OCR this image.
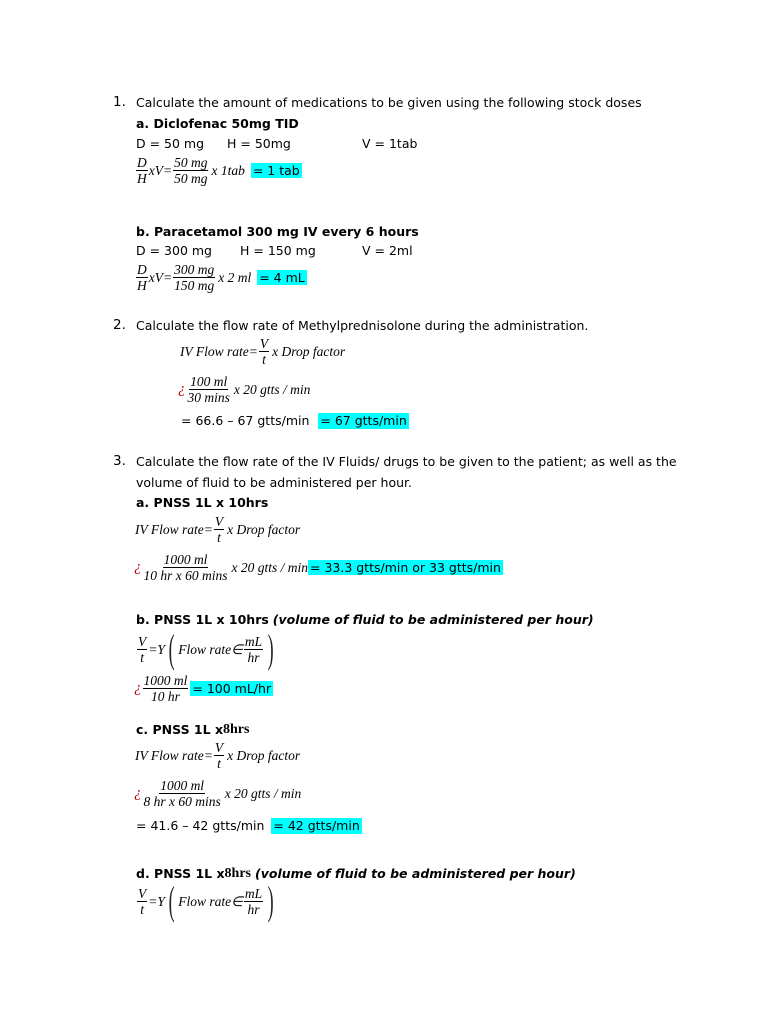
1. Calculate the amount of medications to be given using the following stock doses
a. Diclofenac 50mg TID
D = 50 mg H = 50mg	V = 1tab
$\frac{D}{H} xV= \frac{50 mg}{50 mg}$ x 1tab = 1 tab
b. Paracetamol 300 mg IV every 6 hours
D = 300 mg H = 150 mg	V = 2ml
$\frac{D}{H} xV= \frac{300 mg}{150 mg}$ x 2 ml = 4 mL
2. Calculate the flow rate of Methylprednisolone during the administration.
IV Flow rate= $\frac{V}{t}$ x Drop factor
¿ $\frac{100 ml}{30 \min s}$ x 20 gtts / min
= 66.6 – 67 gtts/min = 67 gtts/min
3. Calculate the flow rate of the IV Fluids/ drugs to be given to the patient; as well as the
volume of fluid to be administered per hour.
a. PNSS 1L x 10hrs
IV Flow rate= $\frac{V}{t}$ x Drop factor
¿ $\frac{1000 ml}{\text{10 hr x 60 mins}}$ x 20 gtts / min = 33.3 gtts/min or 33 gtts/min
b. PNSS 1L x 10hrs (volume of fluid to be administered per hour)
$\frac{V}{t} =Y$ ( Flow rate∈ $\frac{mL}{hr}$ )
¿ $\frac{1000 ml}{10 hr} = 100$ mL/hr
c. PNSS 1L x 8hrs
IV Flow rate= $\frac{V}{t}$ x Drop factor
¿ $\frac{1000 ml}{\text{8 hr x 60 mins}}$ x 20 gtts / min
= 41.6 – 42 gtts/min = 42 gtts/min
d. PNSS 1L x 8hrs (volume of fluid to be administered per hour)
$\frac{V}{t} =Y$ ( Flow rate∈ $\frac{mL}{hr}$ )
